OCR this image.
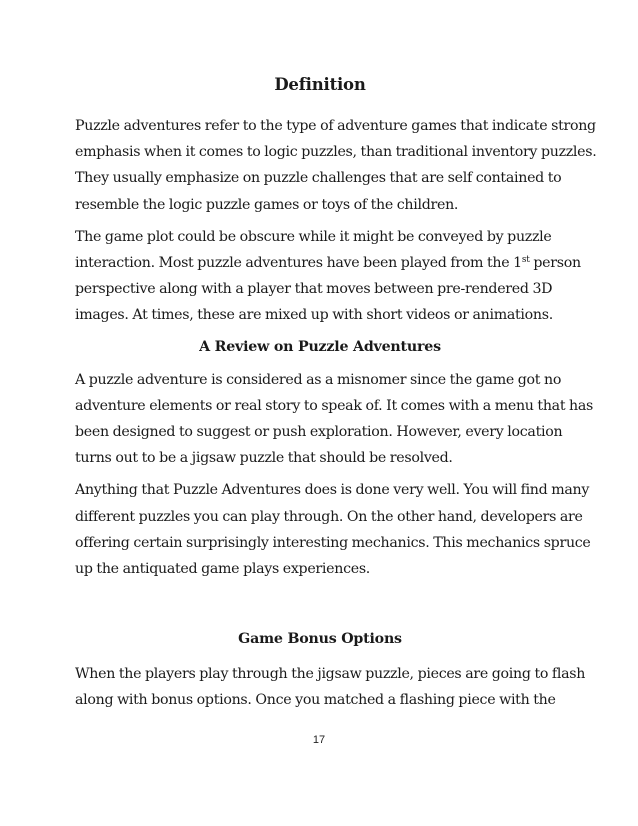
Definition

Puzzle adventures refer to the type of adventure games that indicate strong
emphasis when it comes to logic puzzles, than traditional inventory puzzles.
They usually emphasize on puzzle challenges that are self contained to
resemble the logic puzzle games or toys of the children.

The game plot could be obscure while it might be conveyed by puzzle
interaction. Most puzzle adventures have been played from the 1st person
perspective along with a player that moves between pre-rendered 3D
images. At times, these are mixed up with short videos or animations.

A Review on Puzzle Adventures

A puzzle adventure is considered as a misnomer since the game got no
adventure elements or real story to speak of. It comes with a menu that has
been designed to suggest or push exploration. However, every location
turns out to be a jigsaw puzzle that should be resolved.

Anything that Puzzle Adventures does is done very well. You will find many
different puzzles you can play through. On the other hand, developers are
offering certain surprisingly interesting mechanics. This mechanics spruce
up the antiquated game plays experiences.

Game Bonus Options

When the players play through the jigsaw puzzle, pieces are going to flash
along with bonus options. Once you matched a flashing piece with the

17
